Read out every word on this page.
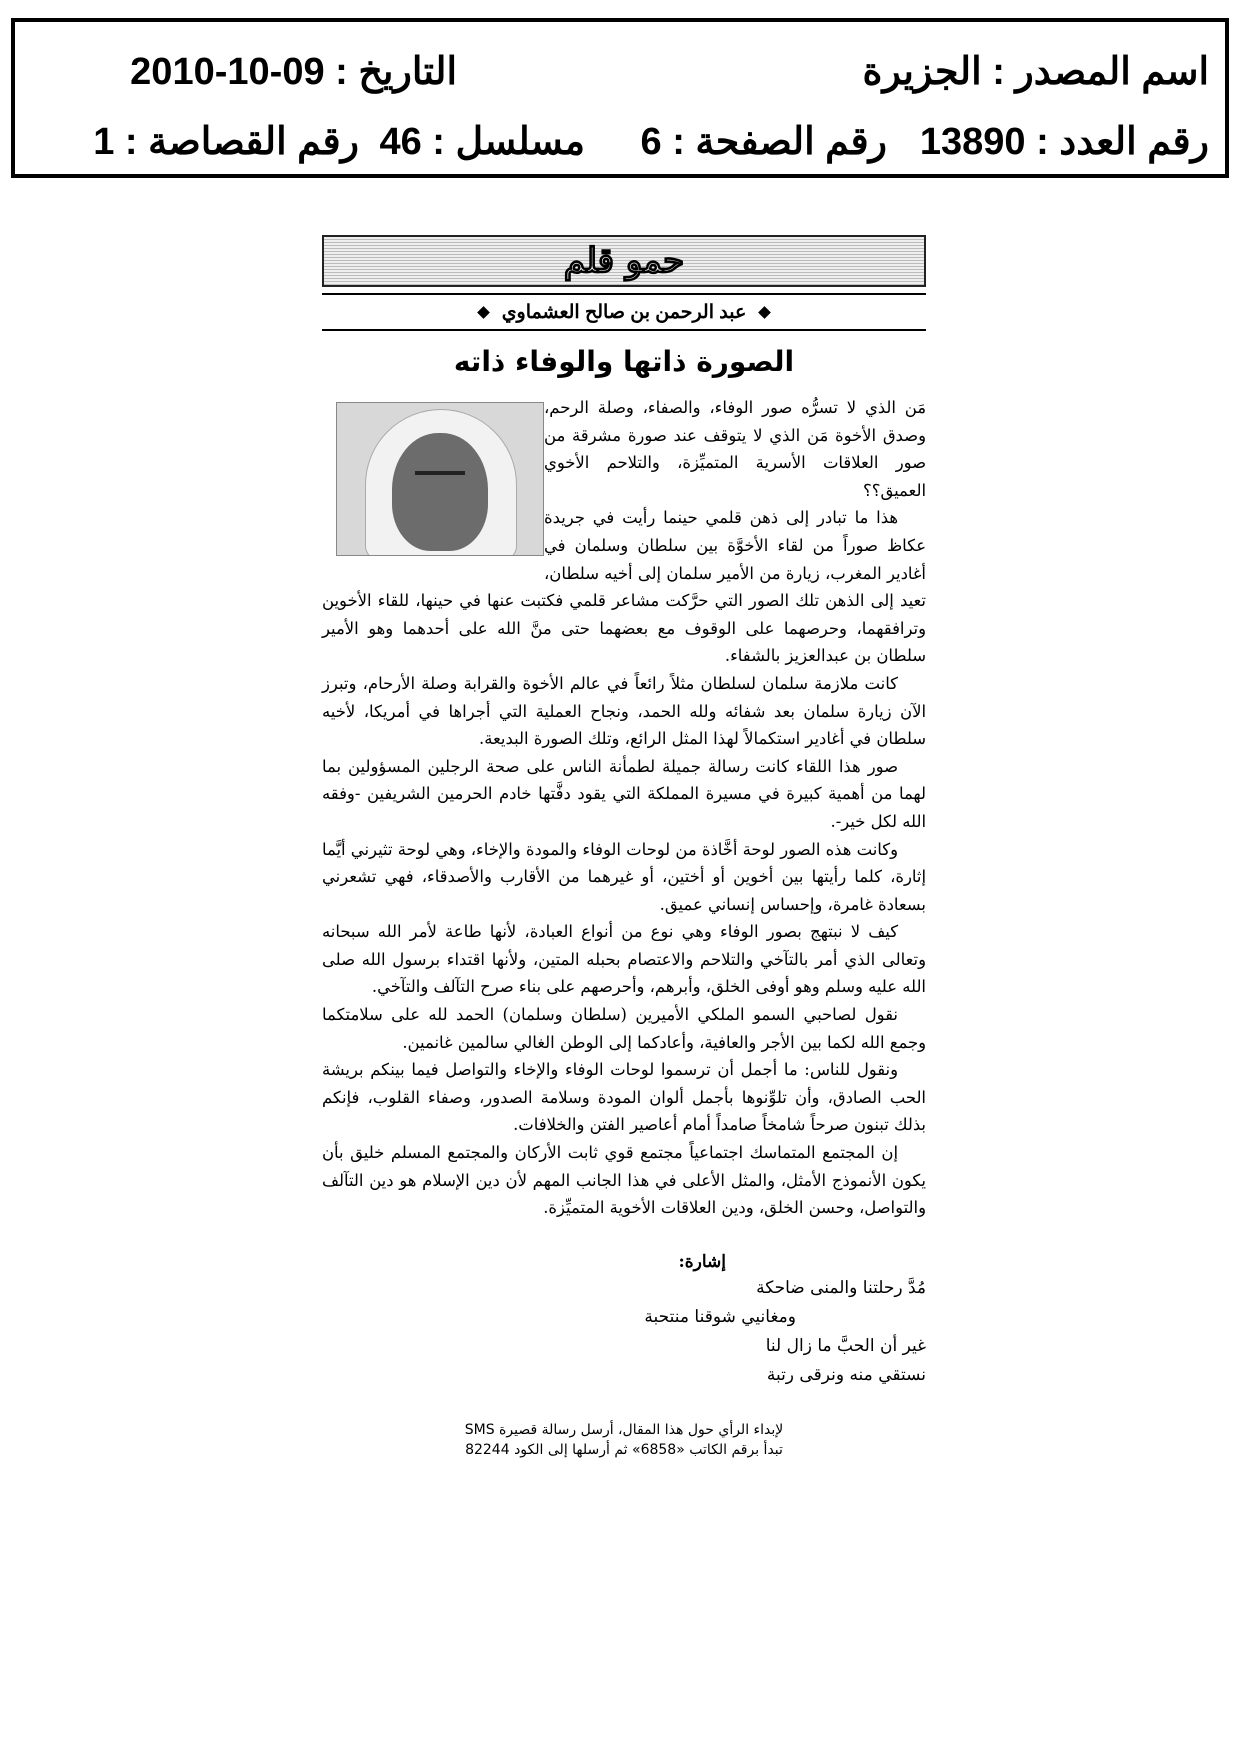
اسم المصدر : الجزيرة
التاريخ : 09-10-2010
رقم العدد : 13890
رقم الصفحة : 6
مسلسل : 46
رقم القصاصة : 1
حمو قلم
عبد الرحمن بن صالح العشماوي
الصورة ذاتها والوفاء ذاته

مَن الذي لا تسرُّه صور الوفاء، والصفاء، وصلة الرحم، وصدق الأخوة مَن الذي لا يتوقف عند صورة مشرقة من صور العلاقات الأسرية المتميِّزة، والتلاحم الأخوي العميق؟؟

هذا ما تبادر إلى ذهن قلمي حينما رأيت في جريدة عكاظ صوراً من لقاء الأخوَّة بين سلطان وسلمان في أغادير المغرب، زيارة من الأمير سلمان إلى أخيه سلطان، تعيد إلى الذهن تلك الصور التي حرَّكت مشاعر قلمي فكتبت عنها في حينها، للقاء الأخوين وترافقهما، وحرصهما على الوقوف مع بعضهما حتى منَّ الله على أحدهما وهو الأمير سلطان بن عبدالعزيز بالشفاء.

كانت ملازمة سلمان لسلطان مثلاً رائعاً في عالم الأخوة والقرابة وصلة الأرحام، وتبرز الآن زيارة سلمان بعد شفائه ولله الحمد، ونجاح العملية التي أجراها في أمريكا، لأخيه سلطان في أغادير استكمالاً لهذا المثل الرائع، وتلك الصورة البديعة.

صور هذا اللقاء كانت رسالة جميلة لطمأنة الناس على صحة الرجلين المسؤولين بما لهما من أهمية كبيرة في مسيرة المملكة التي يقود دفَّتها خادم الحرمين الشريفين -وفقه الله لكل خير-.

وكانت هذه الصور لوحة أخَّاذة من لوحات الوفاء والمودة والإخاء، وهي لوحة تثيرني أيَّما إثارة، كلما رأيتها بين أخوين أو أختين، أو غيرهما من الأقارب والأصدقاء، فهي تشعرني بسعادة غامرة، وإحساس إنساني عميق.

كيف لا نبتهج بصور الوفاء وهي نوع من أنواع العبادة، لأنها طاعة لأمر الله سبحانه وتعالى الذي أمر بالتآخي والتلاحم والاعتصام بحبله المتين، ولأنها اقتداء برسول الله صلى الله عليه وسلم وهو أوفى الخلق، وأبرهم، وأحرصهم على بناء صرح التآلف والتآخي.

نقول لصاحبي السمو الملكي الأميرين (سلطان وسلمان) الحمد لله على سلامتكما وجمع الله لكما بين الأجر والعافية، وأعادكما إلى الوطن الغالي سالمين غانمين.

ونقول للناس: ما أجمل أن ترسموا لوحات الوفاء والإخاء والتواصل فيما بينكم بريشة الحب الصادق، وأن تلوِّنوها بأجمل ألوان المودة وسلامة الصدور، وصفاء القلوب، فإنكم بذلك تبنون صرحاً شامخاً صامداً أمام أعاصير الفتن والخلافات.

إن المجتمع المتماسك اجتماعياً مجتمع قوي ثابت الأركان والمجتمع المسلم خليق بأن يكون الأنموذج الأمثل، والمثل الأعلى في هذا الجانب المهم لأن دين الإسلام هو دين التآلف والتواصل، وحسن الخلق، ودين العلاقات الأخوية المتميِّزة.

إشارة:
مُدَّ رحلتنا والمنى ضاحكة
ومغانيي شوقنا منتحبة
غير أن الحبَّ ما زال لنا
نستقي منه ونرقى رتبة
لإبداء الرأي حول هذا المقال، أرسل رسالة قصيرة SMS
تبدأ برقم الكاتب «6858» ثم أرسلها إلى الكود 82244
